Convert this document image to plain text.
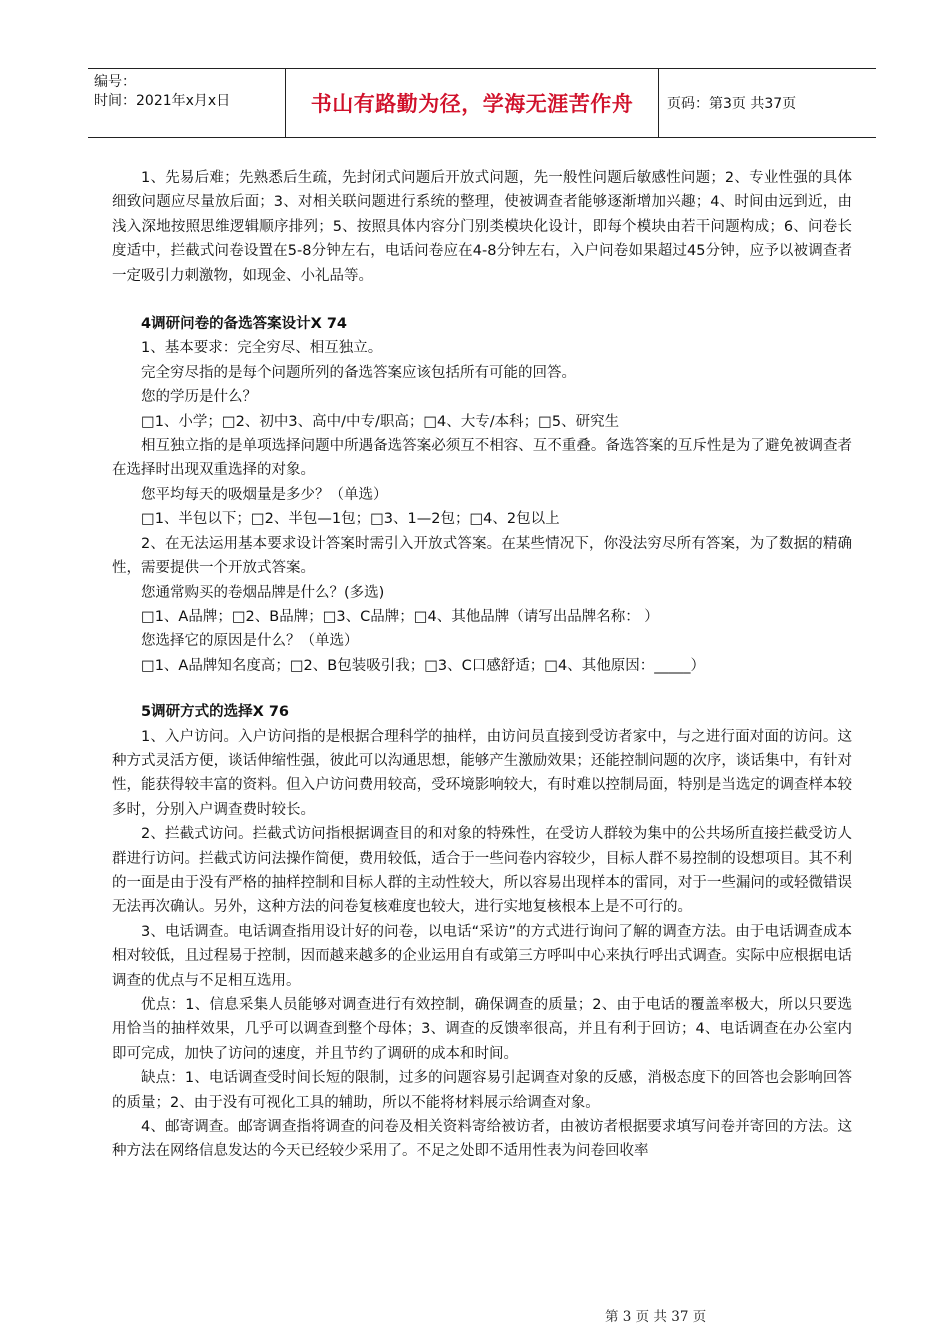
编号：
时间：2021年x月x日	书山有路勤为径，学海无涯苦作舟 页码：第3页 共37页

1、先易后难；先熟悉后生疏，先封闭式问题后开放式问题，先一般性问题后敏感性问题；2、专业性强的具体细致问题应尽量放后面；3、对相关联问题进行系统的整理，使被调查者能够逐渐增加兴趣；4、时间由远到近，由浅入深地按照思维逻辑顺序排列；5、按照具体内容分门别类模块化设计，即每个模块由若干问题构成；6、问卷长度适中，拦截式问卷设置在5-8分钟左右，电话问卷应在4-8分钟左右，入户问卷如果超过45分钟，应予以被调查者一定吸引力刺激物，如现金、小礼品等。

4调研问卷的备选答案设计X 74

1、基本要求：完全穷尽、相互独立。

完全穷尽指的是每个问题所列的备选答案应该包括所有可能的回答。

您的学历是什么？

□1、小学；□2、初中3、高中/中专/职高；□4、大专/本科；□5、研究生

相互独立指的是单项选择问题中所遇备选答案必须互不相容、互不重叠。备选答案的互斥性是为了避免被调查者在选择时出现双重选择的对象。

您平均每天的吸烟量是多少？（单选）

□1、半包以下；□2、半包—1包；□3、1—2包；□4、2包以上

2、在无法运用基本要求设计答案时需引入开放式答案。在某些情况下，你没法穷尽所有答案，为了数据的精确性，需要提供一个开放式答案。

您通常购买的卷烟品牌是什么？(多选)

□1、A品牌；□2、B品牌；□3、C品牌；□4、其他品牌（请写出品牌名称： ）

您选择它的原因是什么？（单选）

□1、A品牌知名度高；□2、B包装吸引我；□3、C口感舒适；□4、其他原因：_____）

5调研方式的选择X 76

1、入户访问。入户访问指的是根据合理科学的抽样，由访问员直接到受访者家中，与之进行面对面的访问。这种方式灵活方便，谈话伸缩性强，彼此可以沟通思想，能够产生激励效果；还能控制问题的次序，谈话集中，有针对性，能获得较丰富的资料。但入户访问费用较高，受环境影响较大，有时难以控制局面，特别是当选定的调查样本较多时，分别入户调查费时较长。

2、拦截式访问。拦截式访问指根据调查目的和对象的特殊性，在受访人群较为集中的公共场所直接拦截受访人群进行访问。拦截式访问法操作简便，费用较低，适合于一些问卷内容较少，目标人群不易控制的设想项目。其不利的一面是由于没有严格的抽样控制和目标人群的主动性较大，所以容易出现样本的雷同，对于一些漏问的或轻微错误无法再次确认。另外，这种方法的问卷复核难度也较大，进行实地复核根本上是不可行的。

3、电话调查。电话调查指用设计好的问卷，以电话“采访”的方式进行询问了解的调查方法。由于电话调查成本相对较低，且过程易于控制，因而越来越多的企业运用自有或第三方呼叫中心来执行呼出式调查。实际中应根据电话调查的优点与不足相互选用。

优点：1、信息采集人员能够对调查进行有效控制，确保调查的质量；2、由于电话的覆盖率极大，所以只要选用恰当的抽样效果，几乎可以调查到整个母体；3、调查的反馈率很高，并且有利于回访；4、电话调查在办公室内即可完成，加快了访问的速度，并且节约了调研的成本和时间。

缺点：1、电话调查受时间长短的限制，过多的问题容易引起调查对象的反感，消极态度下的回答也会影响回答的质量；2、由于没有可视化工具的辅助，所以不能将材料展示给调查对象。

4、邮寄调查。邮寄调查指将调查的问卷及相关资料寄给被访者，由被访者根据要求填写问卷并寄回的方法。这种方法在网络信息发达的今天已经较少采用了。不足之处即不适用性表为问卷回收率

第 3 页 共 37 页
